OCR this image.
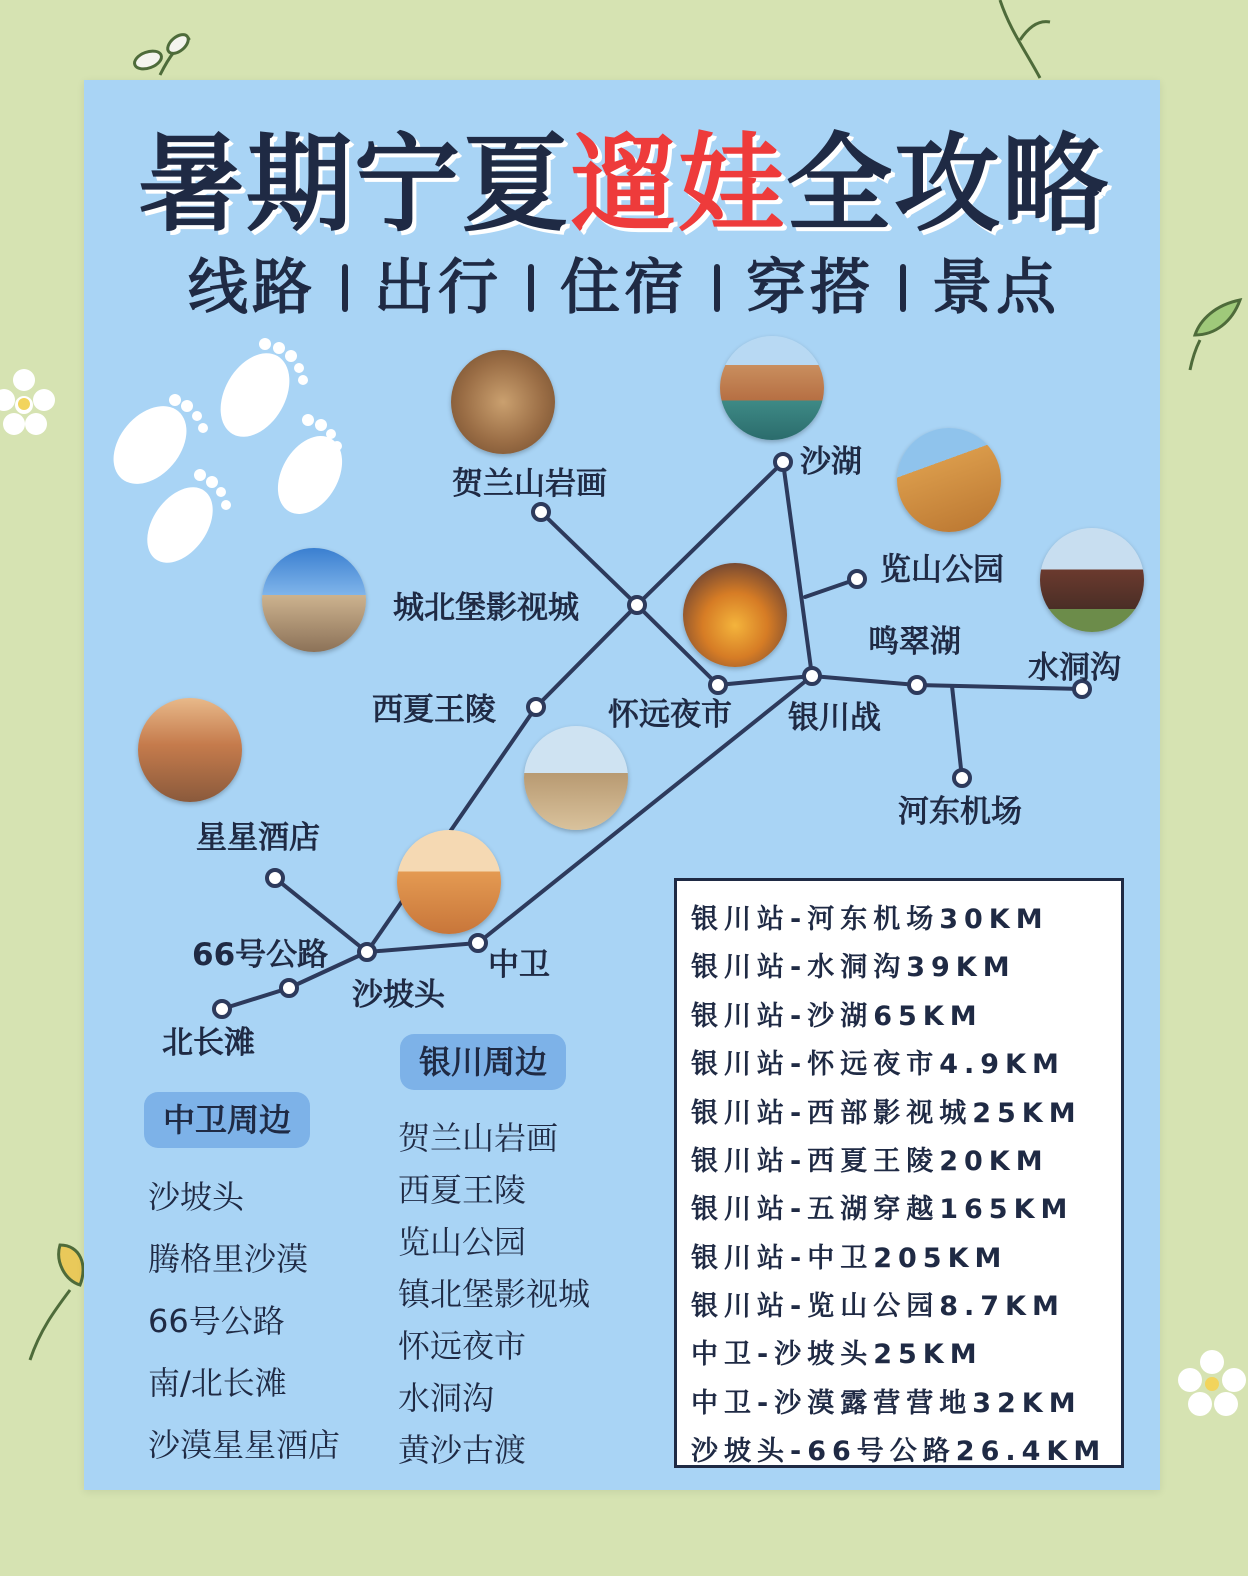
暑期宁夏遛娃全攻略
线路 出行 住宿 穿搭 景点
贺兰山岩画
沙湖
览山公园
城北堡影视城
鸣翠湖
水洞沟
西夏王陵	怀远夜市 银川战
河东机场
星星酒店
66号公路
沙坡头
中卫
北长滩
中卫周边
沙坡头
腾格里沙漠
66号公路
南/北长滩
沙漠星星酒店
银川周边
贺兰山岩画
西夏王陵
览山公园
镇北堡影视城
怀远夜市
水洞沟
黄沙古渡
银川站-河东机场30KM
银川站-水洞沟39KM
银川站-沙湖65KM
银川站-怀远夜市4.9KM
银川站-西部影视城25KM
银川站-西夏王陵20KM
银川站-五湖穿越165KM
银川站-中卫205KM
银川站-览山公园8.7KM
中卫-沙坡头25KM
中卫-沙漠露营营地32KM
沙坡头-66号公路26.4KM
